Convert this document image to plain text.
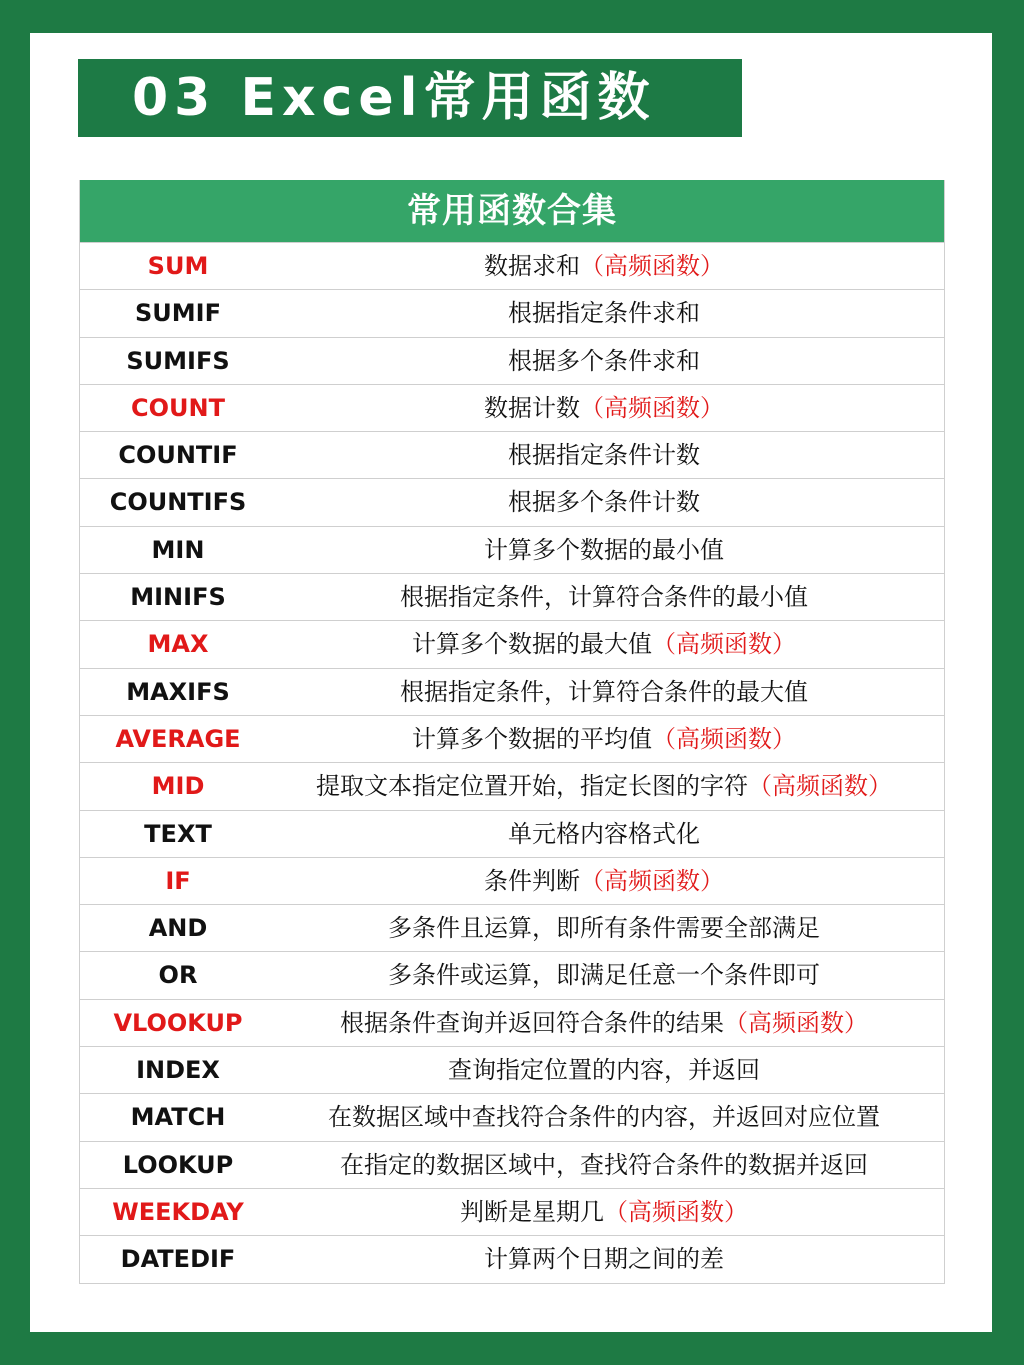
03 Excel常用函数
常用函数合集
SUM	数据求和（高频函数）
SUMIF	根据指定条件求和
SUMIFS	根据多个条件求和
COUNT	数据计数（高频函数）
COUNTIF	根据指定条件计数
COUNTIFS	根据多个条件计数
MIN	计算多个数据的最小值
MINIFS	根据指定条件，计算符合条件的最小值
MAX	计算多个数据的最大值（高频函数）
MAXIFS	根据指定条件，计算符合条件的最大值
AVERAGE	计算多个数据的平均值（高频函数）
MID	提取文本指定位置开始，指定长图的字符（高频函数）
TEXT	单元格内容格式化
IF	条件判断（高频函数）
AND	多条件且运算，即所有条件需要全部满足
OR	多条件或运算，即满足任意一个条件即可
VLOOKUP	根据条件查询并返回符合条件的结果（高频函数）
INDEX	查询指定位置的内容，并返回
MATCH	在数据区域中查找符合条件的内容，并返回对应位置
LOOKUP	在指定的数据区域中，查找符合条件的数据并返回
WEEKDAY	判断是星期几（高频函数）
DATEDIF	计算两个日期之间的差
